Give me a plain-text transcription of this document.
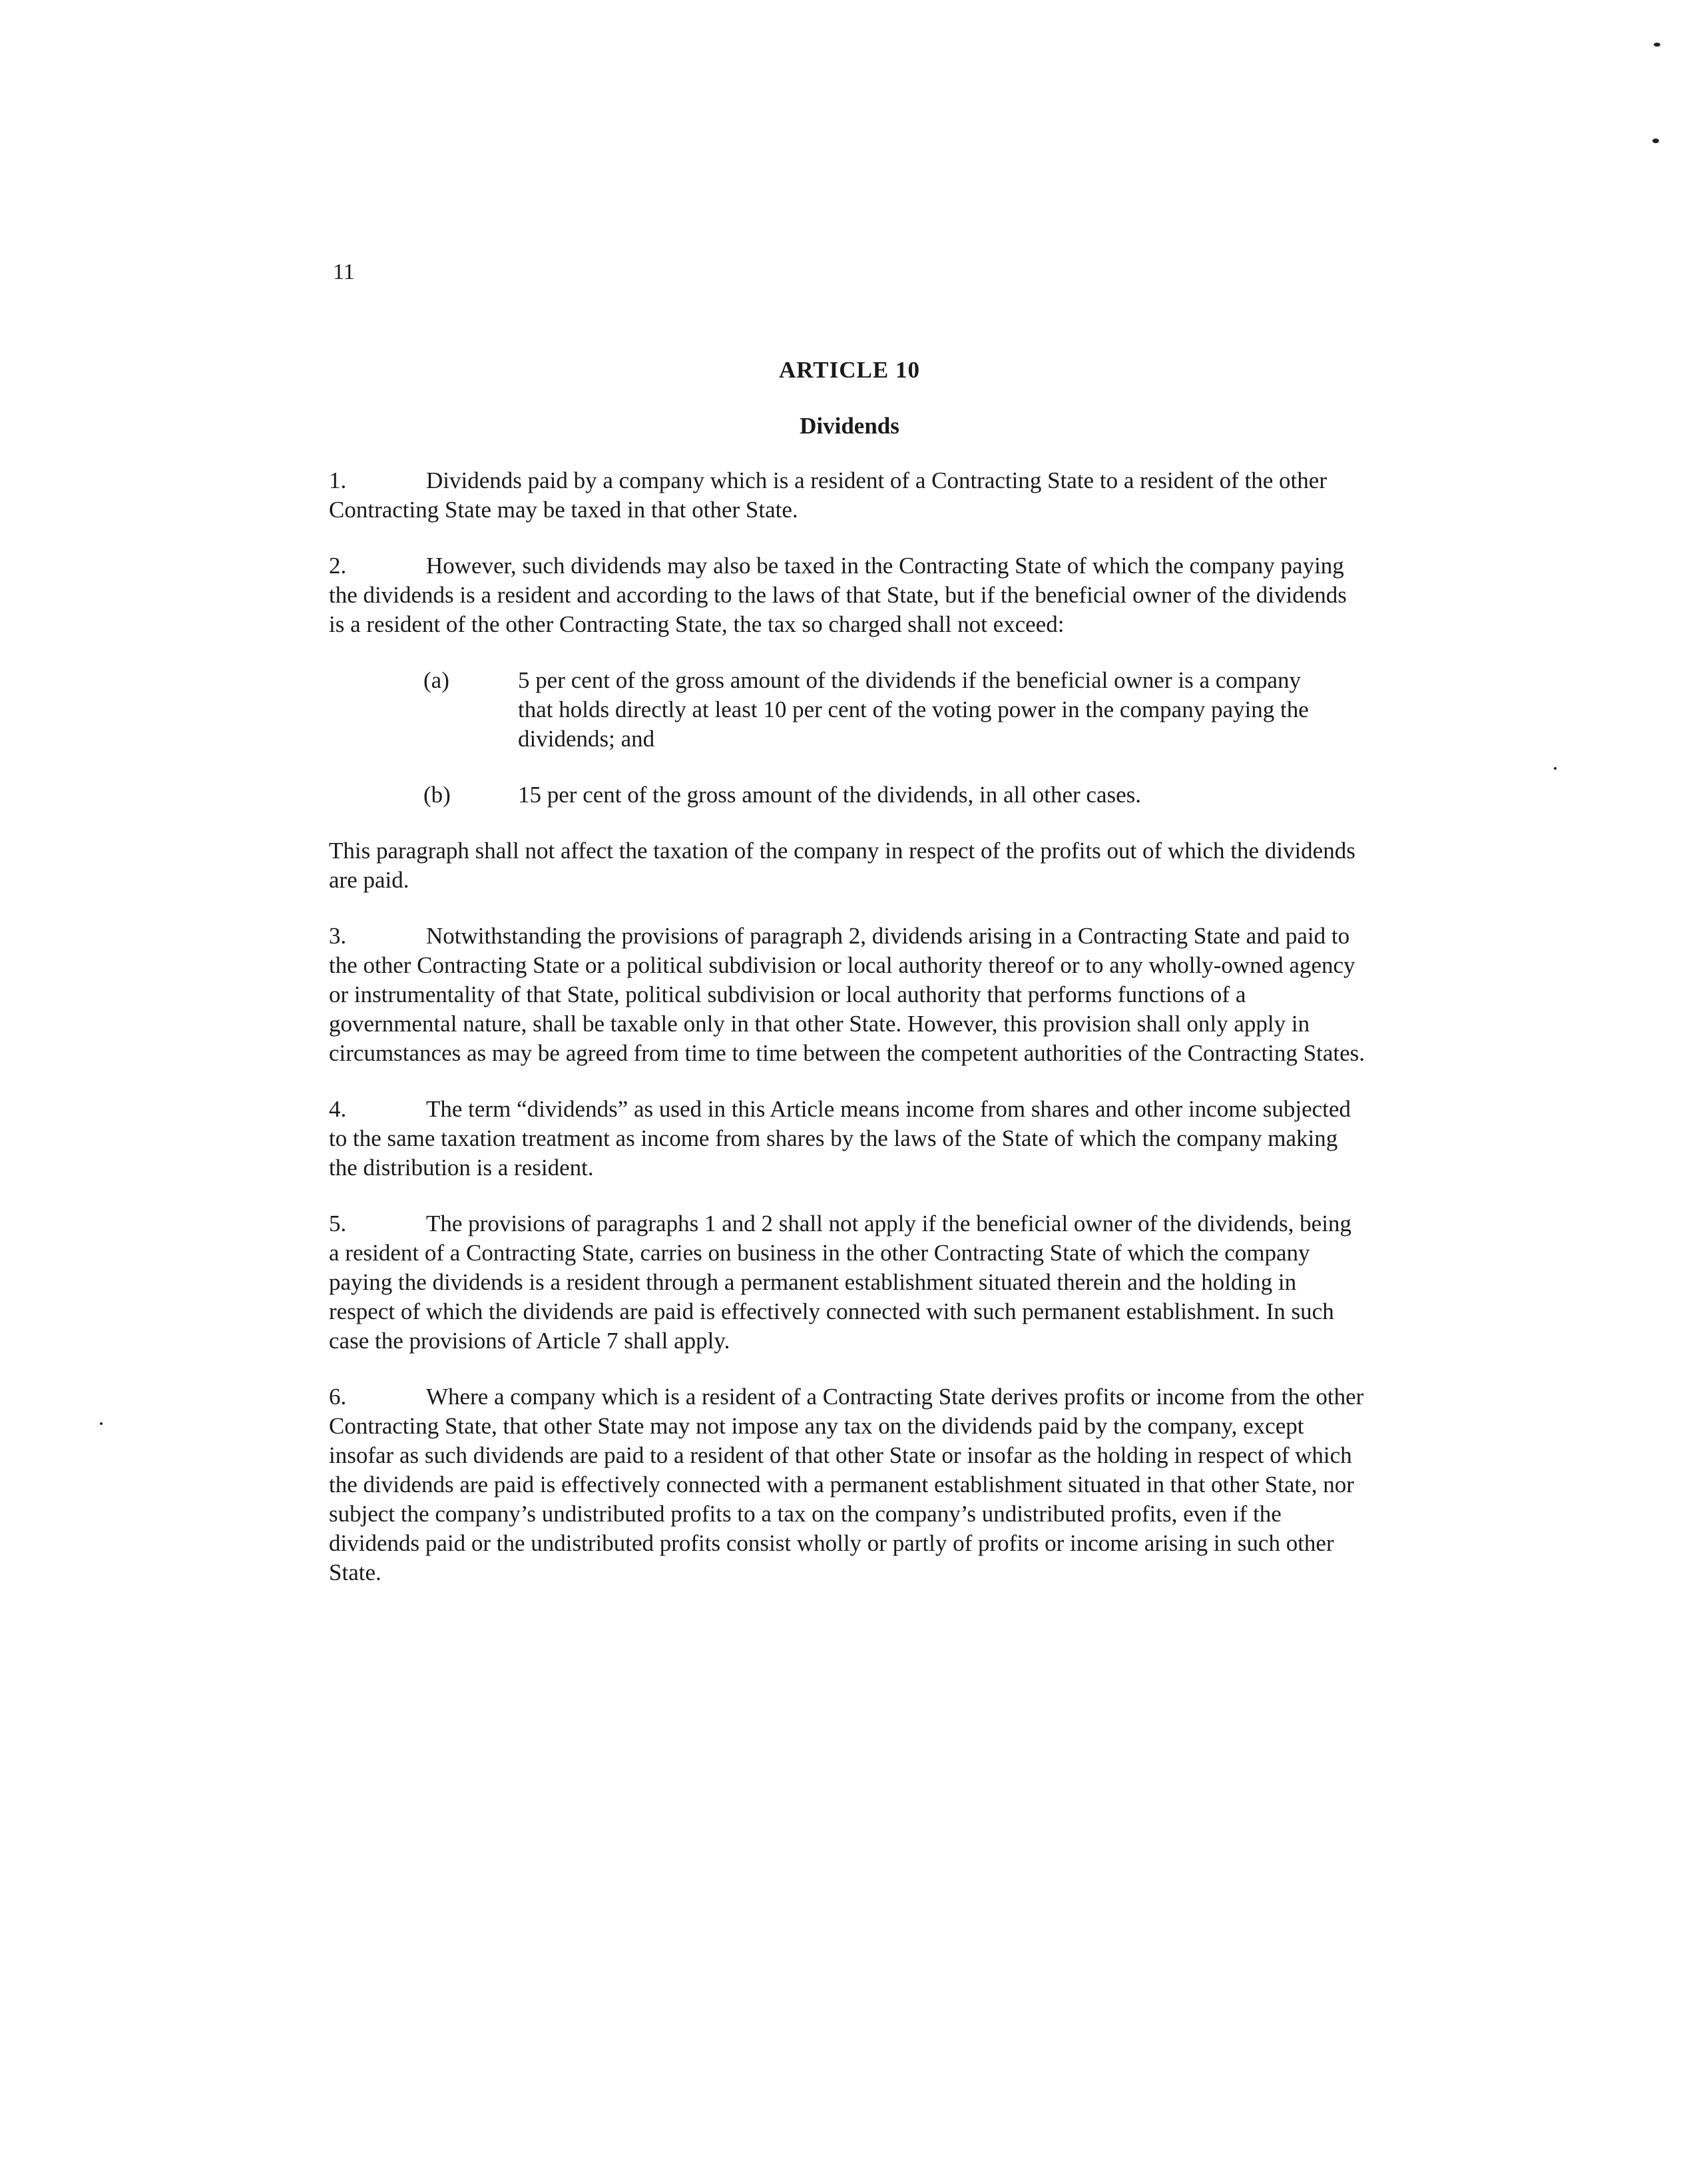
11
ARTICLE 10
Dividends

1.	Dividends paid by a company which is a resident of a Contracting State to a resident of the other Contracting State may be taxed in that other State.

2.	However, such dividends may also be taxed in the Contracting State of which the company paying the dividends is a resident and according to the laws of that State, but if the beneficial owner of the dividends is a resident of the other Contracting State, the tax so charged shall not exceed:

(a)	5 per cent of the gross amount of the dividends if the beneficial owner is a company that holds directly at least 10 per cent of the voting power in the company paying the dividends; and
(b)	15 per cent of the gross amount of the dividends, in all other cases.

This paragraph shall not affect the taxation of the company in respect of the profits out of which the dividends are paid.

3.	Notwithstanding the provisions of paragraph 2, dividends arising in a Contracting State and paid to the other Contracting State or a political subdivision or local authority thereof or to any wholly-owned agency or instrumentality of that State, political subdivision or local authority that performs functions of a governmental nature, shall be taxable only in that other State. However, this provision shall only apply in circumstances as may be agreed from time to time between the competent authorities of the Contracting States.

4.	The term “dividends” as used in this Article means income from shares and other income subjected to the same taxation treatment as income from shares by the laws of the State of which the company making the distribution is a resident.

5.	The provisions of paragraphs 1 and 2 shall not apply if the beneficial owner of the dividends, being a resident of a Contracting State, carries on business in the other Contracting State of which the company paying the dividends is a resident through a permanent establishment situated therein and the holding in respect of which the dividends are paid is effectively connected with such permanent establishment. In such case the provisions of Article 7 shall apply.

6.	Where a company which is a resident of a Contracting State derives profits or income from the other Contracting State, that other State may not impose any tax on the dividends paid by the company, except insofar as such dividends are paid to a resident of that other State or insofar as the holding in respect of which the dividends are paid is effectively connected with a permanent establishment situated in that other State, nor subject the company’s undistributed profits to a tax on the company’s undistributed profits, even if the dividends paid or the undistributed profits consist wholly or partly of profits or income arising in such other State.
